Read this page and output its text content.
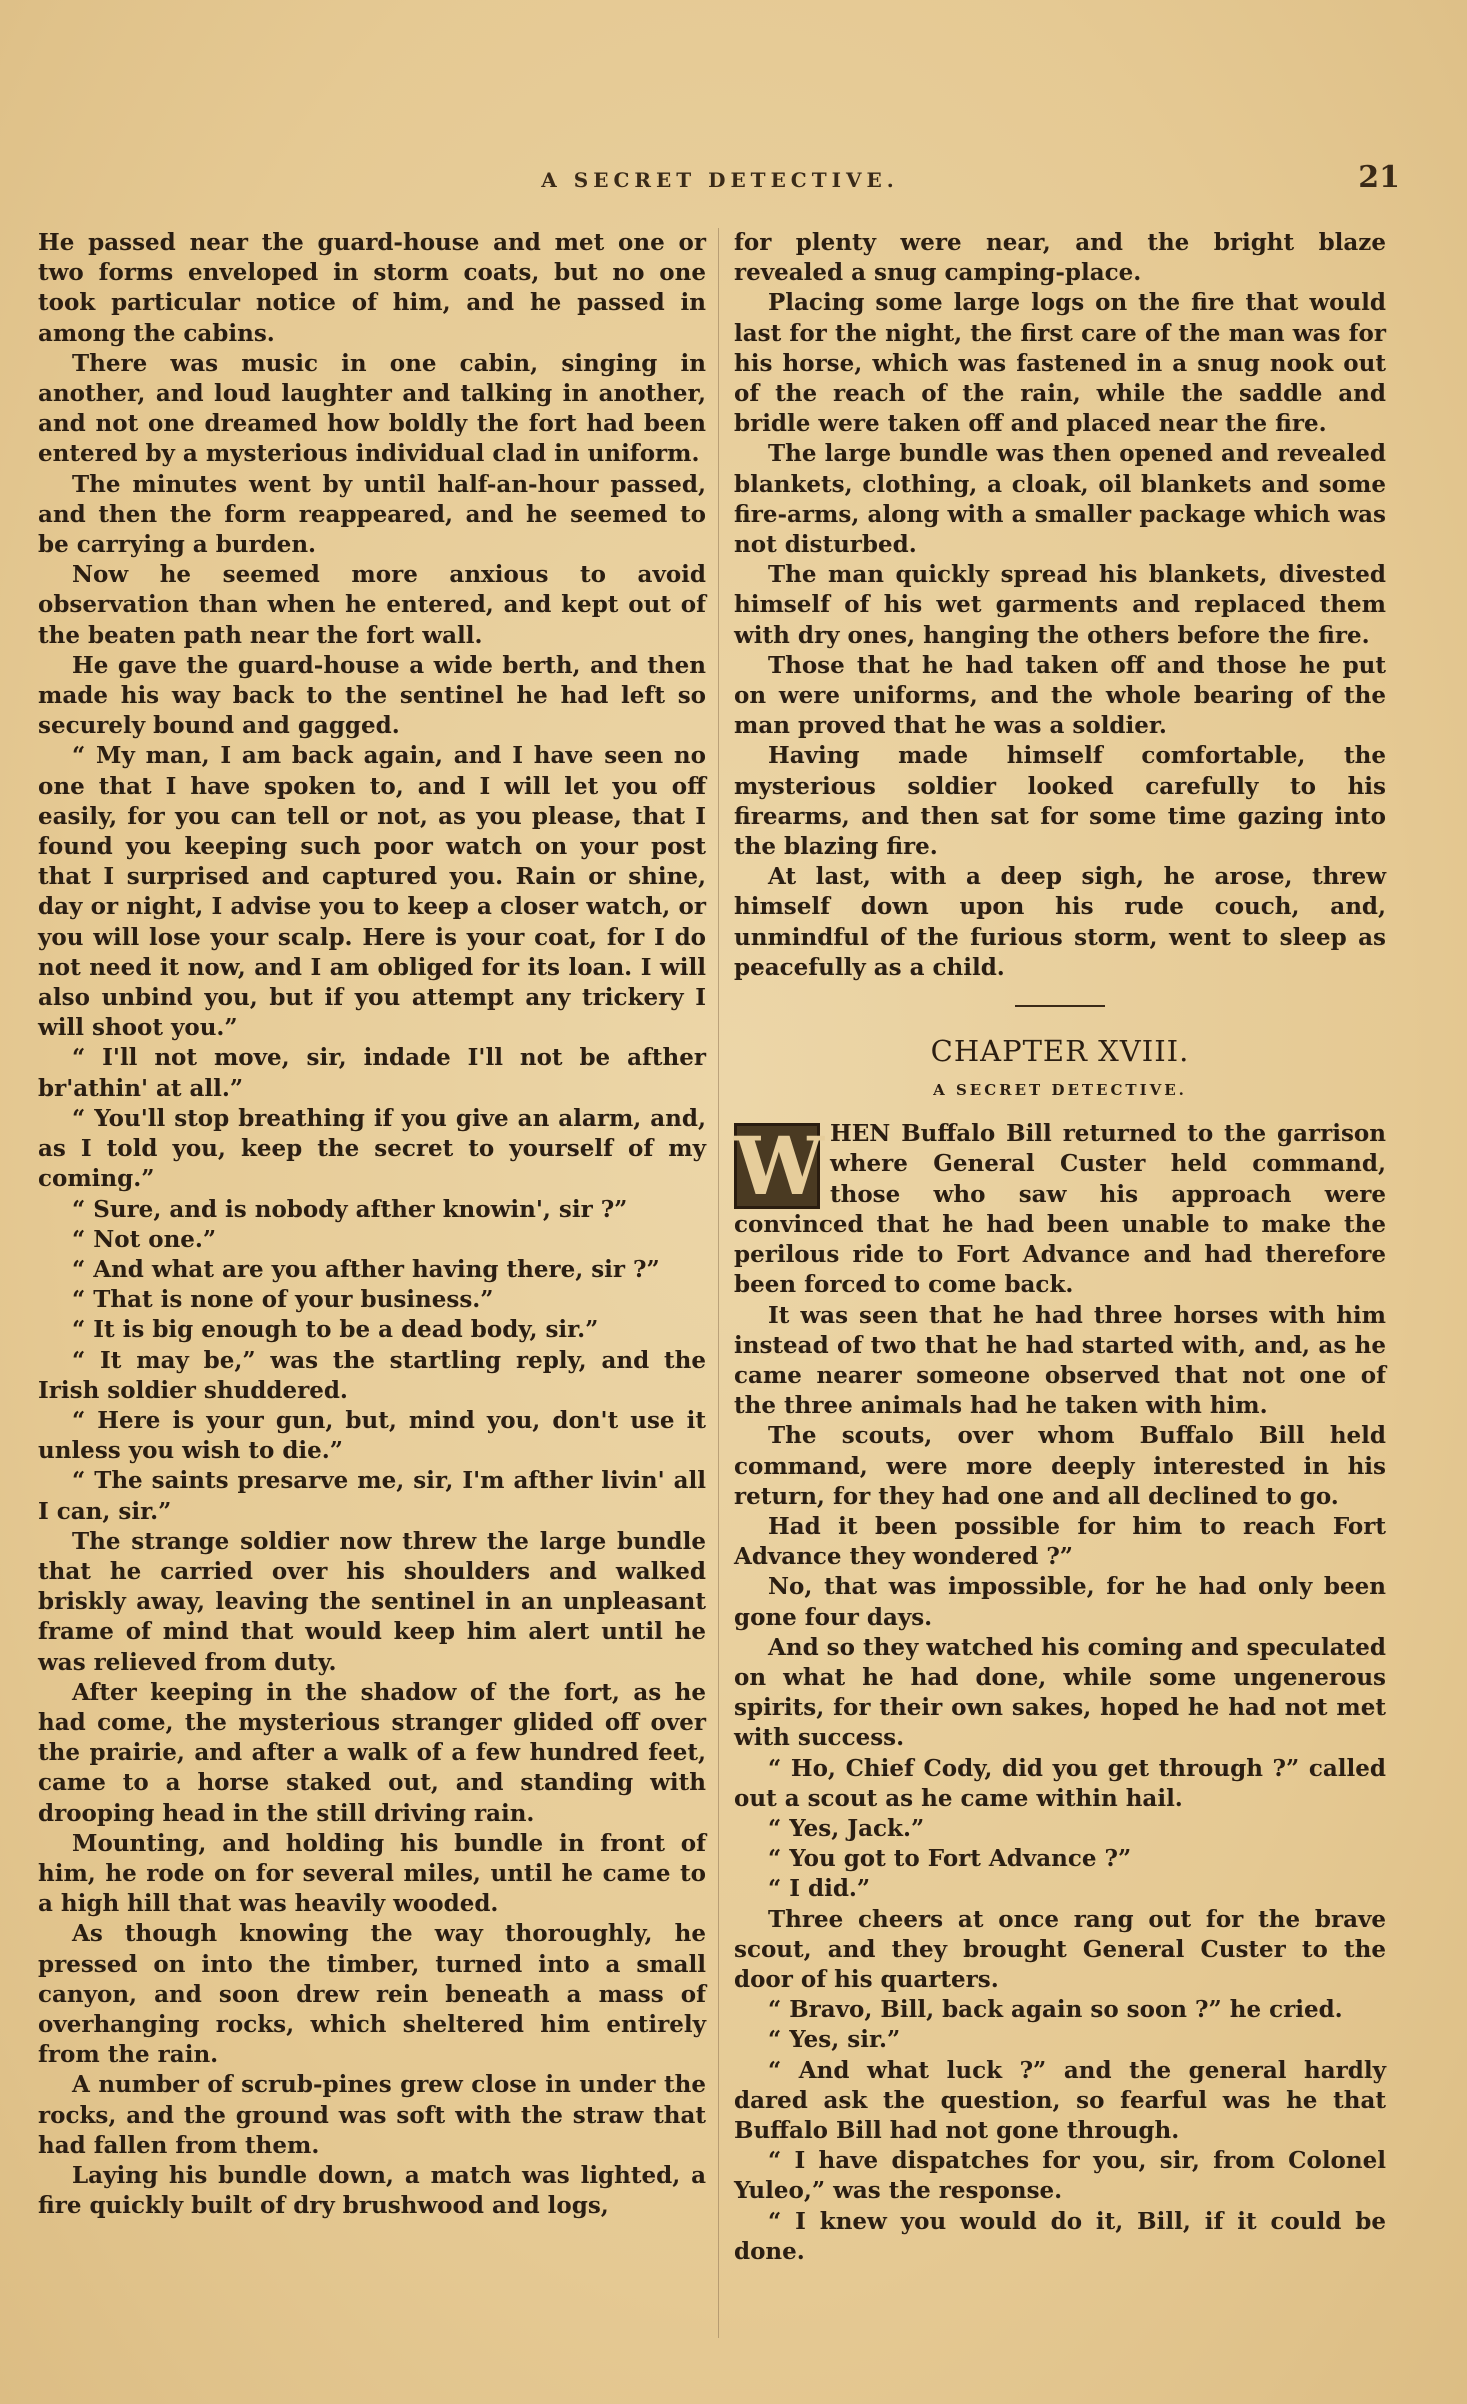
A SECRET DETECTIVE.	21

He passed near the guard-house and met one or two forms enveloped in storm coats, but no one took particular notice of him, and he passed in among the cabins.

There was music in one cabin, singing in another, and loud laughter and talking in another, and not one dreamed how boldly the fort had been entered by a mysterious individual clad in uniform.

The minutes went by until half-an-hour passed, and then the form reappeared, and he seemed to be carrying a burden.

Now he seemed more anxious to avoid observation than when he entered, and kept out of the beaten path near the fort wall.

He gave the guard-house a wide berth, and then made his way back to the sentinel he had left so securely bound and gagged.

“ My man, I am back again, and I have seen no one that I have spoken to, and I will let you off easily, for you can tell or not, as you please, that I found you keeping such poor watch on your post that I surprised and captured you. Rain or shine, day or night, I advise you to keep a closer watch, or you will lose your scalp. Here is your coat, for I do not need it now, and I am obliged for its loan. I will also unbind you, but if you attempt any trickery I will shoot you.”

“ I'll not move, sir, indade I'll not be afther br'athin' at all.”

“ You'll stop breathing if you give an alarm, and, as I told you, keep the secret to yourself of my coming.”

“ Sure, and is nobody afther knowin', sir ?”

“ Not one.”

“ And what are you afther having there, sir ?”

“ That is none of your business.”

“ It is big enough to be a dead body, sir.”

“ It may be,” was the startling reply, and the Irish soldier shuddered.

“ Here is your gun, but, mind you, don't use it unless you wish to die.”

“ The saints presarve me, sir, I'm afther livin' all I can, sir.”

The strange soldier now threw the large bundle that he carried over his shoulders and walked briskly away, leaving the sentinel in an unpleasant frame of mind that would keep him alert until he was relieved from duty.

After keeping in the shadow of the fort, as he had come, the mysterious stranger glided off over the prairie, and after a walk of a few hundred feet, came to a horse staked out, and standing with drooping head in the still driving rain.

Mounting, and holding his bundle in front of him, he rode on for several miles, until he came to a high hill that was heavily wooded.

As though knowing the way thoroughly, he pressed on into the timber, turned into a small canyon, and soon drew rein beneath a mass of overhanging rocks, which sheltered him entirely from the rain.

A number of scrub-pines grew close in under the rocks, and the ground was soft with the straw that had fallen from them.

Laying his bundle down, a match was lighted, a fire quickly built of dry brushwood and logs,

for plenty were near, and the bright blaze revealed a snug camping-place.

Placing some large logs on the fire that would last for the night, the first care of the man was for his horse, which was fastened in a snug nook out of the reach of the rain, while the saddle and bridle were taken off and placed near the fire.

The large bundle was then opened and revealed blankets, clothing, a cloak, oil blankets and some fire-arms, along with a smaller package which was not disturbed.

The man quickly spread his blankets, divested himself of his wet garments and replaced them with dry ones, hanging the others before the fire.

Those that he had taken off and those he put on were uniforms, and the whole bearing of the man proved that he was a soldier.

Having made himself comfortable, the mysterious soldier looked carefully to his firearms, and then sat for some time gazing into the blazing fire.

At last, with a deep sigh, he arose, threw himself down upon his rude couch, and, unmindful of the furious storm, went to sleep as peacefully as a child.

CHAPTER XVIII.
A SECRET DETECTIVE.

W HEN Buffalo Bill returned to the garrison where General Custer held command, those who saw his approach were convinced that he had been unable to make the perilous ride to Fort Advance and had therefore been forced to come back.

It was seen that he had three horses with him instead of two that he had started with, and, as he came nearer someone observed that not one of the three animals had he taken with him.

The scouts, over whom Buffalo Bill held command, were more deeply interested in his return, for they had one and all declined to go.

Had it been possible for him to reach Fort Advance they wondered ?”

No, that was impossible, for he had only been gone four days.

And so they watched his coming and speculated on what he had done, while some ungenerous spirits, for their own sakes, hoped he had not met with success.

“ Ho, Chief Cody, did you get through ?” called out a scout as he came within hail.

“ Yes, Jack.”

“ You got to Fort Advance ?”

“ I did.”

Three cheers at once rang out for the brave scout, and they brought General Custer to the door of his quarters.

“ Bravo, Bill, back again so soon ?” he cried.

“ Yes, sir.”

“ And what luck ?” and the general hardly dared ask the question, so fearful was he that Buffalo Bill had not gone through.

“ I have dispatches for you, sir, from Colonel Yuleo,” was the response.

“ I knew you would do it, Bill, if it could be done.
